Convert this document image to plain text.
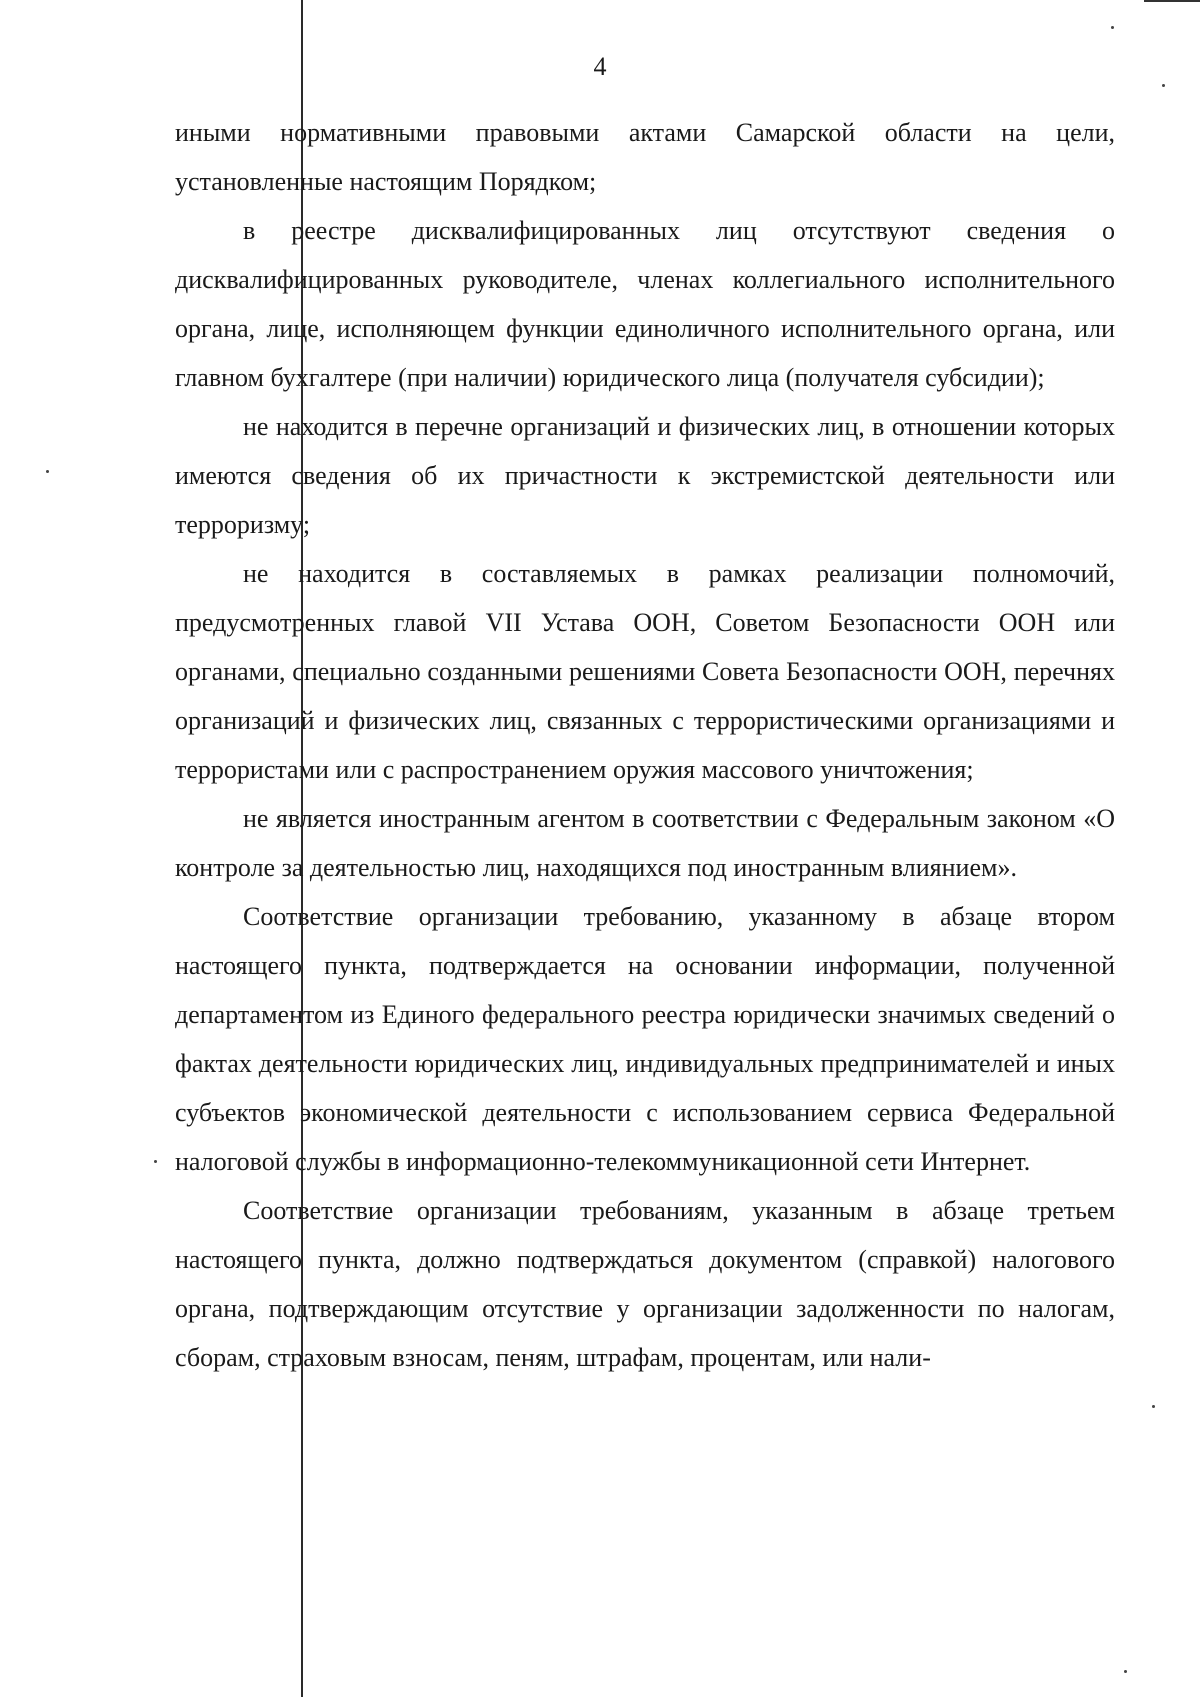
4

иными нормативными правовыми актами Самарской области на цели, установленные настоящим Порядком;

в реестре дисквалифицированных лиц отсутствуют сведения о дисквалифицированных руководителе, членах коллегиального исполнительного органа, лице, исполняющем функции единоличного исполнительного органа, или главном бухгалтере (при наличии) юридического лица (получателя субсидии);

не находится в перечне организаций и физических лиц, в отношении которых имеются сведения об их причастности к экстремистской деятельности или терроризму;

не находится в составляемых в рамках реализации полномочий, предусмотренных главой VII Устава ООН, Советом Безопасности ООН или органами, специально созданными решениями Совета Безопасности ООН, перечнях организаций и физических лиц, связанных с террористическими организациями и террористами или с распространением оружия массового уничтожения;

не является иностранным агентом в соответствии с Федеральным законом «О контроле за деятельностью лиц, находящихся под иностранным влиянием».

Соответствие организации требованию, указанному в абзаце втором настоящего пункта, подтверждается на основании информации, полученной департаментом из Единого федерального реестра юридически значимых сведений о фактах деятельности юридических лиц, индивидуальных предпринимателей и иных субъектов экономической деятельности с использованием сервиса Федеральной налоговой службы в информационно-телекоммуникационной сети Интернет.

Соответствие организации требованиям, указанным в абзаце третьем настоящего пункта, должно подтверждаться документом (справкой) налогового органа, подтверждающим отсутствие у организации задолженности по налогам, сборам, страховым взносам, пеням, штрафам, процентам, или нали-
